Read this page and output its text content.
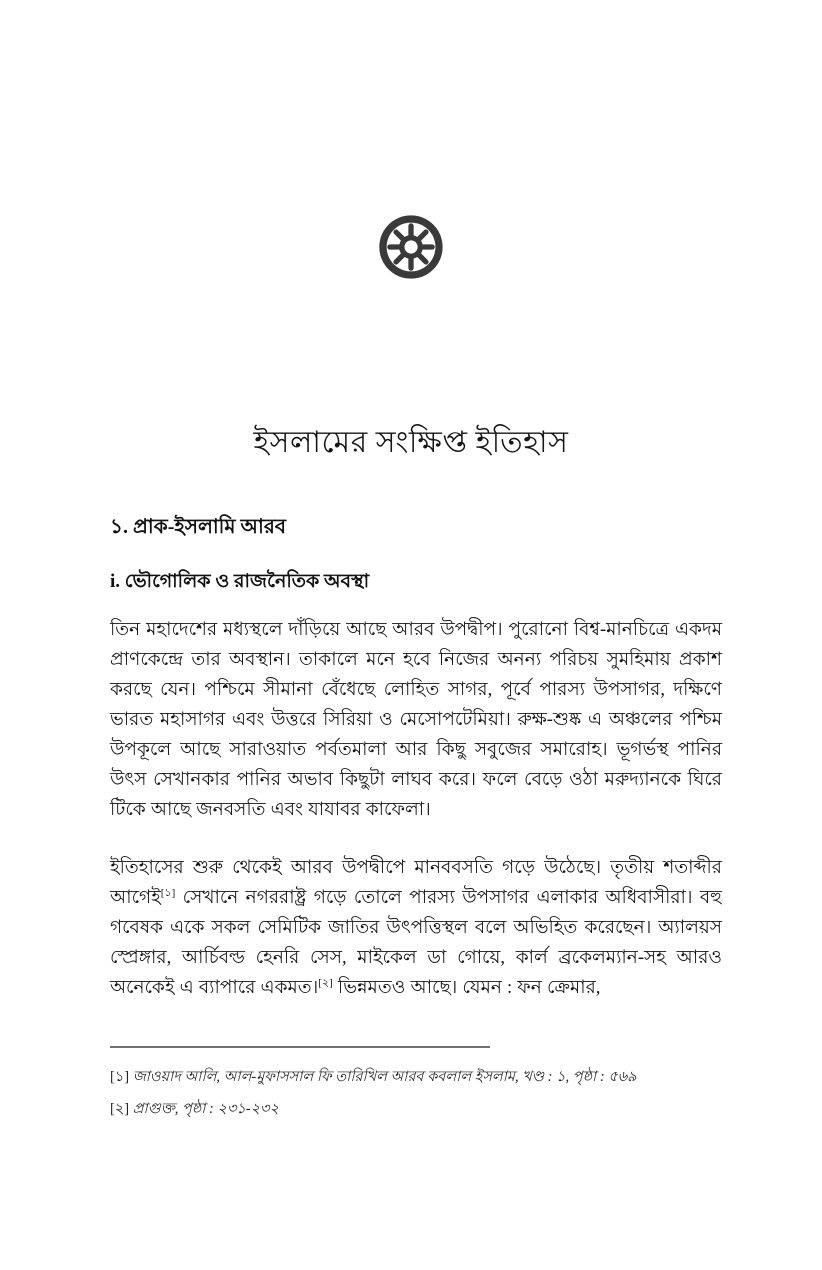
ইসলামের সংক্ষিপ্ত ইতিহাস
১. প্রাক-ইসলামি আরব
i. ভৌগোলিক ও রাজনৈতিক অবস্থা

তিন মহাদেশের মধ্যস্থলে দাঁড়িয়ে আছে আরব উপদ্বীপ। পুরোনো বিশ্ব-মানচিত্রে একদম প্রাণকেন্দ্রে তার অবস্থান। তাকালে মনে হবে নিজের অনন্য পরিচয় সুমহিমায় প্রকাশ করছে যেন। পশ্চিমে সীমানা বেঁধেছে লোহিত সাগর, পূর্বে পারস্য উপসাগর, দক্ষিণে ভারত মহাসাগর এবং উত্তরে সিরিয়া ও মেসোপটেমিয়া। রুক্ষ-শুষ্ক এ অঞ্চলের পশ্চিম উপকূলে আছে সারাওয়াত পর্বতমালা আর কিছু সবুজের সমারোহ। ভূগর্ভস্থ পানির উৎস সেখানকার পানির অভাব কিছুটা লাঘব করে। ফলে বেড়ে ওঠা মরুদ্যানকে ঘিরে টিকে আছে জনবসতি এবং যাযাবর কাফেলা।

ইতিহাসের শুরু থেকেই আরব উপদ্বীপে মানববসতি গড়ে উঠেছে। তৃতীয় শতাব্দীর আগেই[১] সেখানে নগররাষ্ট্র গড়ে তোলে পারস্য উপসাগর এলাকার অধিবাসীরা। বহু গবেষক একে সকল সেমিটিক জাতির উৎপত্তিস্থল বলে অভিহিত করেছেন। অ্যালয়স স্প্রেঙ্গার, আর্চিবল্ড হেনরি সেস, মাইকেল ডা গোয়ে, কার্ল ব্রকেলম্যান-সহ আরও অনেকেই এ ব্যাপারে একমত।[২] ভিন্নমতও আছে। যেমন : ফন ক্রেমার,

[১] জাওয়াদ আলি, আল-মুফাসসাল ফি তারিখিল আরব কবলাল ইসলাম, খণ্ড : ১, পৃষ্ঠা : ৫৬৯

[২] প্রাগুক্ত, পৃষ্ঠা : ২৩১-২৩২
